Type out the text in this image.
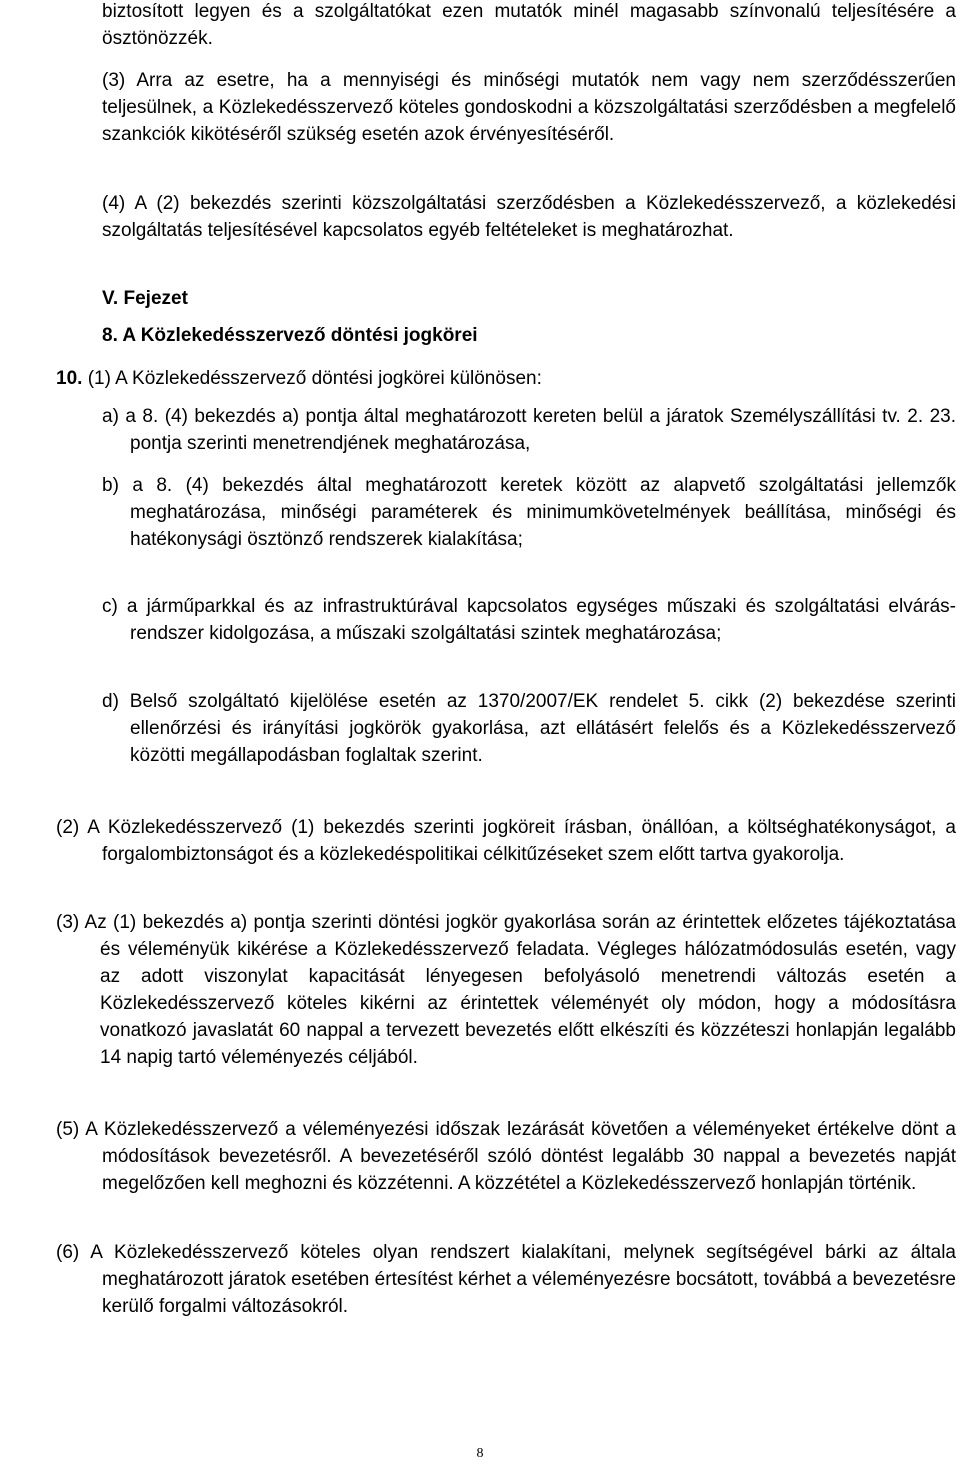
biztosított legyen és a szolgáltatókat ezen mutatók minél magasabb színvonalú teljesítésére a ösztönözzék.

(3) Arra az esetre, ha a mennyiségi és minőségi mutatók nem vagy nem szerződésszerűen teljesülnek, a Közlekedésszervező köteles gondoskodni a közszolgáltatási szerződésben a megfelelő szankciók kikötéséről szükség esetén azok érvényesítéséről.

(4) A (2) bekezdés szerinti közszolgáltatási szerződésben a Közlekedésszervező, a közlekedési szolgáltatás teljesítésével kapcsolatos egyéb feltételeket is meghatározhat.

V. Fejezet
8. A Közlekedésszervező döntési jogkörei
10. (1) A Közlekedésszervező döntési jogkörei különösen:

a) a 8. (4) bekezdés a) pontja által meghatározott kereten belül a járatok Személyszállítási tv. 2. 23. pontja szerinti menetrendjének meghatározása,

b) a 8. (4) bekezdés által meghatározott keretek között az alapvető szolgáltatási jellemzők meghatározása, minőségi paraméterek és minimumkövetelmények beállítása, minőségi és hatékonysági ösztönző rendszerek kialakítása;

c) a járműparkkal és az infrastruktúrával kapcsolatos egységes műszaki és szolgáltatási elvárás-rendszer kidolgozása, a műszaki szolgáltatási szintek meghatározása;

d) Belső szolgáltató kijelölése esetén az 1370/2007/EK rendelet 5. cikk (2) bekezdése szerinti ellenőrzési és irányítási jogkörök gyakorlása, azt ellátásért felelős és a Közlekedésszervező közötti megállapodásban foglaltak szerint.

(2) A Közlekedésszervező (1) bekezdés szerinti jogköreit írásban, önállóan, a költséghatékonyságot, a forgalombiztonságot és a közlekedéspolitikai célkitűzéseket szem előtt tartva gyakorolja.

(3) Az (1) bekezdés a) pontja szerinti döntési jogkör gyakorlása során az érintettek előzetes tájékoztatása és véleményük kikérése a Közlekedésszervező feladata. Végleges hálózatmódosulás esetén, vagy az adott viszonylat kapacitását lényegesen befolyásoló menetrendi változás esetén a Közlekedésszervező köteles kikérni az érintettek véleményét oly módon, hogy a módosításra vonatkozó javaslatát 60 nappal a tervezett bevezetés előtt elkészíti és közzéteszi honlapján legalább 14 napig tartó véleményezés céljából.

(5) A Közlekedésszervező a véleményezési időszak lezárását követően a véleményeket értékelve dönt a módosítások bevezetésről. A bevezetéséről szóló döntést legalább 30 nappal a bevezetés napját megelőzően kell meghozni és közzétenni. A közzététel a Közlekedésszervező honlapján történik.

(6) A Közlekedésszervező köteles olyan rendszert kialakítani, melynek segítségével bárki az általa meghatározott járatok esetében értesítést kérhet a véleményezésre bocsátott, továbbá a bevezetésre kerülő forgalmi változásokról.

8
